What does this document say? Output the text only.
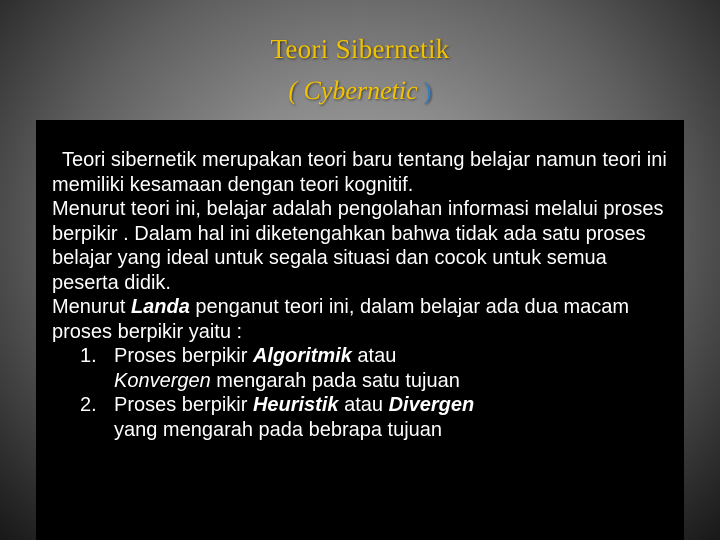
Teori Sibernetik
( Cybernetic )

Teori sibernetik merupakan teori baru tentang belajar namun teori ini memiliki kesamaan dengan teori kognitif.

Menurut teori ini, belajar adalah pengolahan informasi melalui proses berpikir . Dalam hal ini diketengahkan bahwa tidak ada satu proses belajar yang ideal untuk segala situasi dan cocok untuk semua peserta didik.

Menurut Landa penganut teori ini, dalam belajar ada dua macam proses berpikir yaitu :

1. Proses berpikir Algoritmik atau
Konvergen mengarah pada satu tujuan
2. Proses berpikir Heuristik atau Divergen
yang mengarah pada bebrapa tujuan
